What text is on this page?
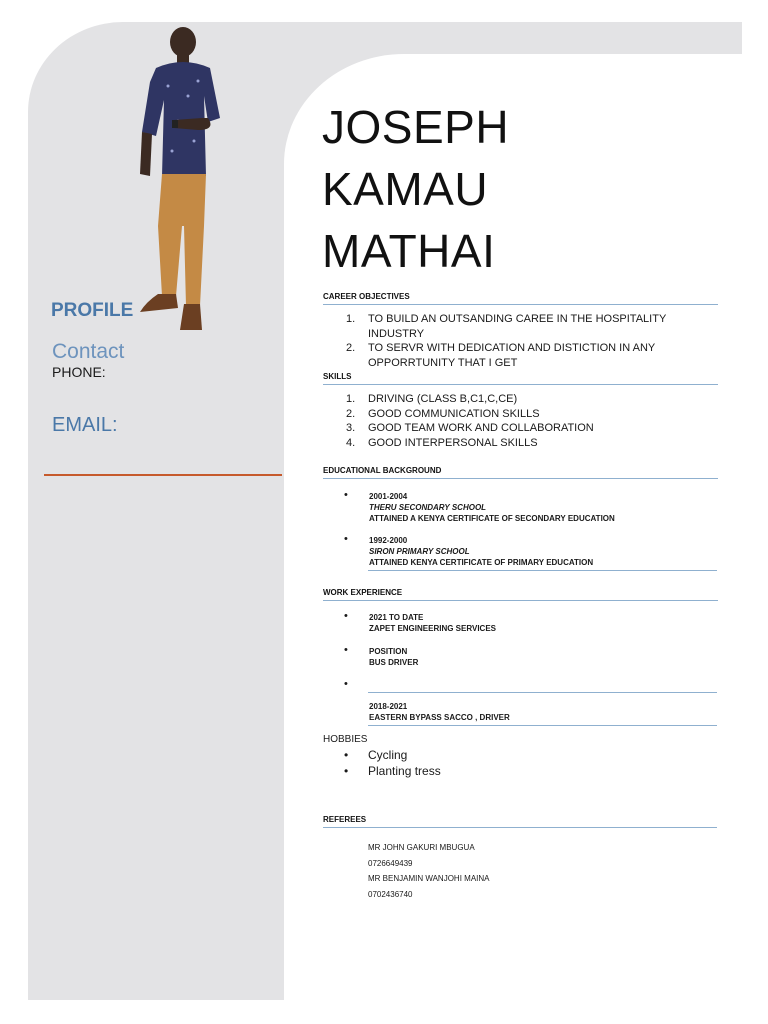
PROFILE
Contact
PHONE:
EMAIL:
JOSEPH
KAMAU
MATHAI
CAREER OBJECTIVES
1.	TO BUILD AN OUTSANDING CAREE IN THE HOSPITALITY INDUSTRY
2.	TO SERVR WITH DEDICATION AND DISTICTION IN ANY OPPORRTUNITY THAT I GET
SKILLS
1.	DRIVING (CLASS B,C1,C,CE)
2.	GOOD COMMUNICATION SKILLS
3.	GOOD TEAM WORK AND COLLABORATION
4.	GOOD INTERPERSONAL SKILLS
EDUCATIONAL BACKGROUND
•	2001-2004
THERU SECONDARY SCHOOL
ATTAINED A KENYA CERTIFICATE OF SECONDARY EDUCATION
•	1992-2000
SIRON PRIMARY SCHOOL
ATTAINED KENYA CERTIFICATE OF PRIMARY EDUCATION
WORK EXPERIENCE
•	2021 TO DATE
ZAPET ENGINEERING SERVICES
•	POSITION
BUS DRIVER
•
2018-2021
EASTERN BYPASS SACCO , DRIVER
HOBBIES
•	Cycling
•	Planting tress
REFEREES
MR JOHN GAKURI MBUGUA
0726649439
MR BENJAMIN WANJOHI MAINA
0702436740
